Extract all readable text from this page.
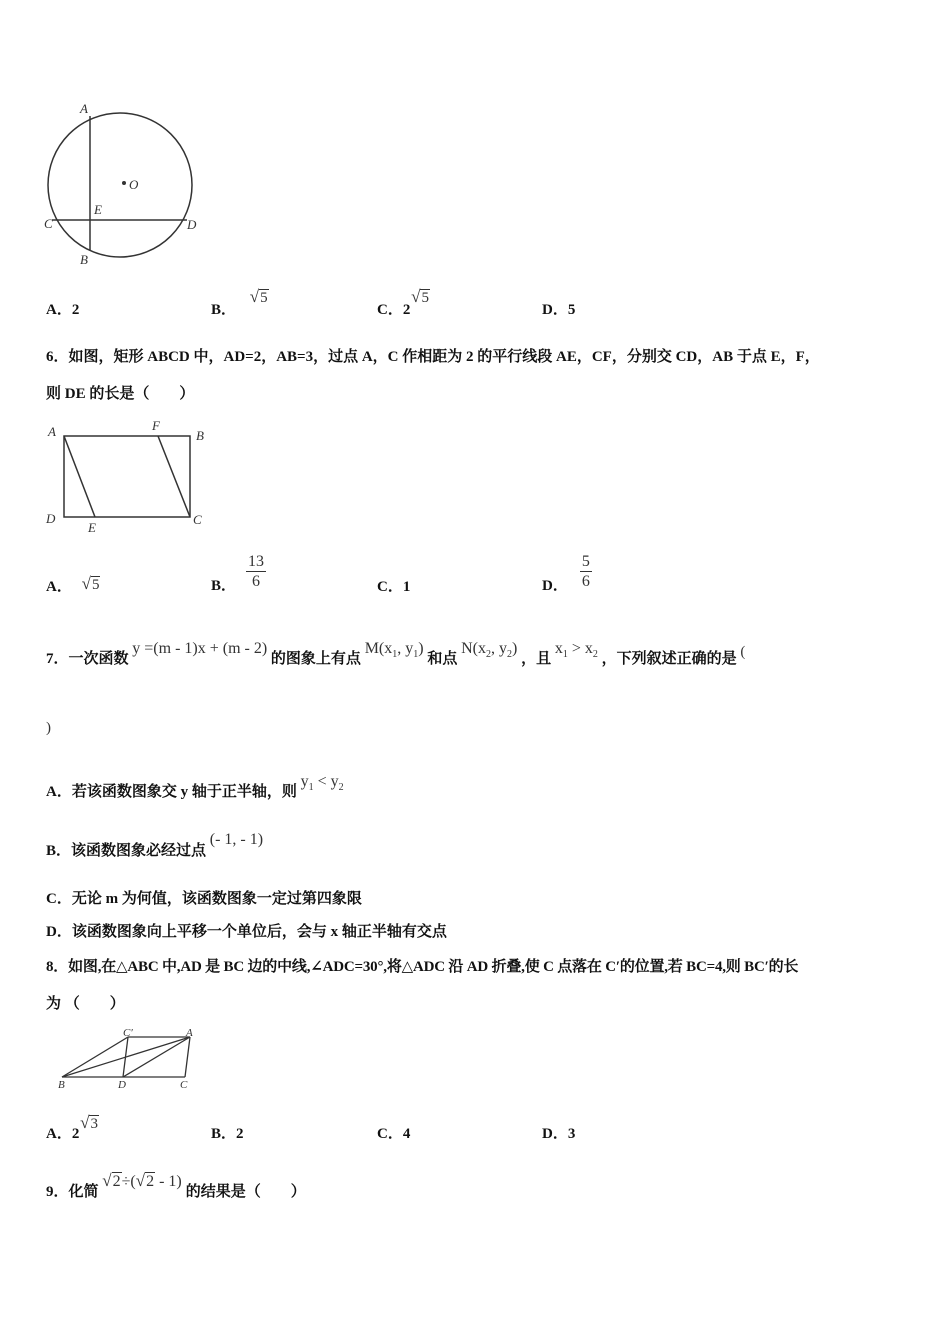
A
O
E
C	D
B
A．2	B． √5
C．2 √5
D．5
6．如图，矩形 ABCD 中，AD=2，AB=3，过点 A，C 作相距为 2 的平行线段 AE，CF，分别交 CD，AB 于点 E，F，
则 DE 的长是（　　）
A	F
B
D
E
C
A． √5	B． $\frac{13}{6}$	C．1	D． $\frac{5}{6}$
7．一次函数 y =(m - 1)x + (m - 2) 的图象上有点 $M(x_1$, $y_1$) 和点 $N(x_2$, $y_2$) ，且 $x_1 > x_2$ ，下列叙述正确的是 (
)
A．若该函数图象交 y 轴于正半轴，则 $y_1 < y_2$
B．该函数图象必经过点 (- 1, - 1)
C．无论 m 为何值，该函数图象一定过第四象限
D．该函数图象向上平移一个单位后，会与 x 轴正半轴有交点
8．如图,在△ABC 中,AD 是 BC 边的中线,∠ADC=30°,将△ADC 沿 AD 折叠,使 C 点落在 C′的位置,若 BC=4,则 BC′的长
为 （　　）
C′	A
B	D	C
A．2 √3
B．2	C．4	D．3
9．化简 √2÷(√2 - 1) 的结果是（　　）
